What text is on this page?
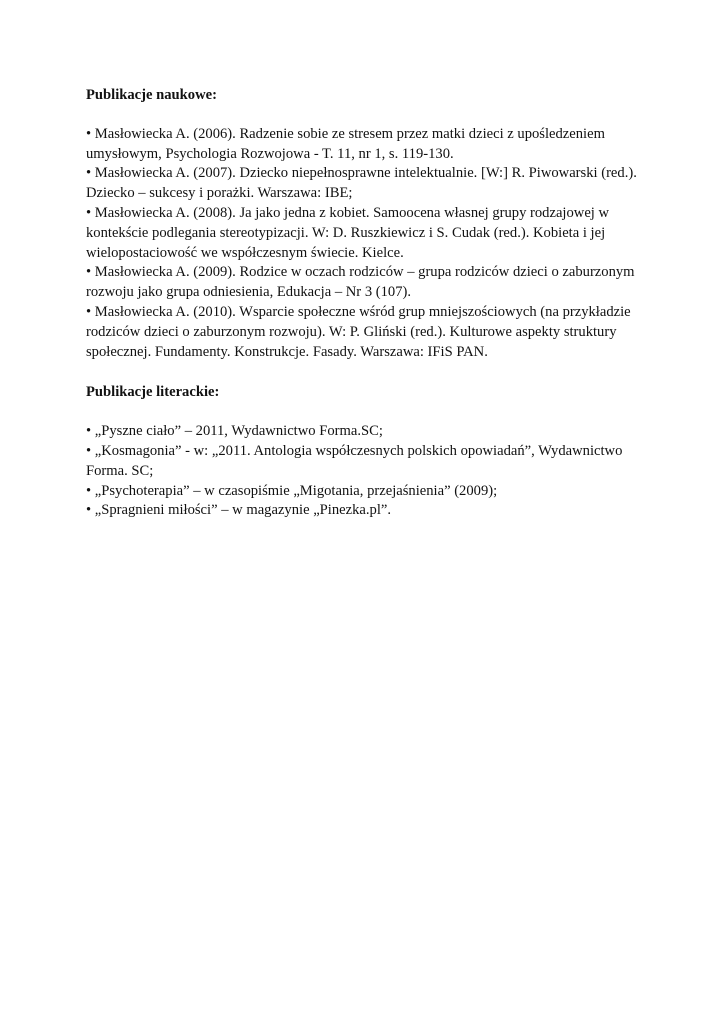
Publikacje naukowe:

• Masłowiecka A. (2006). Radzenie sobie ze stresem przez matki dzieci z upośledzeniem umysłowym, Psychologia Rozwojowa - T. 11, nr 1, s. 119-130.
• Masłowiecka A. (2007). Dziecko niepełnosprawne intelektualnie. [W:] R. Piwowarski (red.). Dziecko – sukcesy i porażki. Warszawa: IBE;
• Masłowiecka A. (2008). Ja jako jedna z kobiet. Samoocena własnej grupy rodzajowej w kontekście podlegania stereotypizacji. W: D. Ruszkiewicz i S. Cudak (red.). Kobieta i jej wielopostaciowość we współczesnym świecie. Kielce.
• Masłowiecka A. (2009). Rodzice w oczach rodziców – grupa rodziców dzieci o zaburzonym rozwoju jako grupa odniesienia, Edukacja – Nr 3 (107).
• Masłowiecka A. (2010). Wsparcie społeczne wśród grup mniejszościowych (na przykładzie rodziców dzieci o zaburzonym rozwoju). W: P. Gliński (red.). Kulturowe aspekty struktury społecznej. Fundamenty. Konstrukcje. Fasady. Warszawa: IFiS PAN.

Publikacje literackie:

• „Pyszne ciało” – 2011, Wydawnictwo Forma.SC;
• „Kosmagonia” - w: „2011. Antologia współczesnych polskich opowiadań”, Wydawnictwo Forma. SC;
• „Psychoterapia” – w czasopiśmie „Migotania, przejaśnienia” (2009);
• „Spragnieni miłości” – w magazynie „Pinezka.pl”.
